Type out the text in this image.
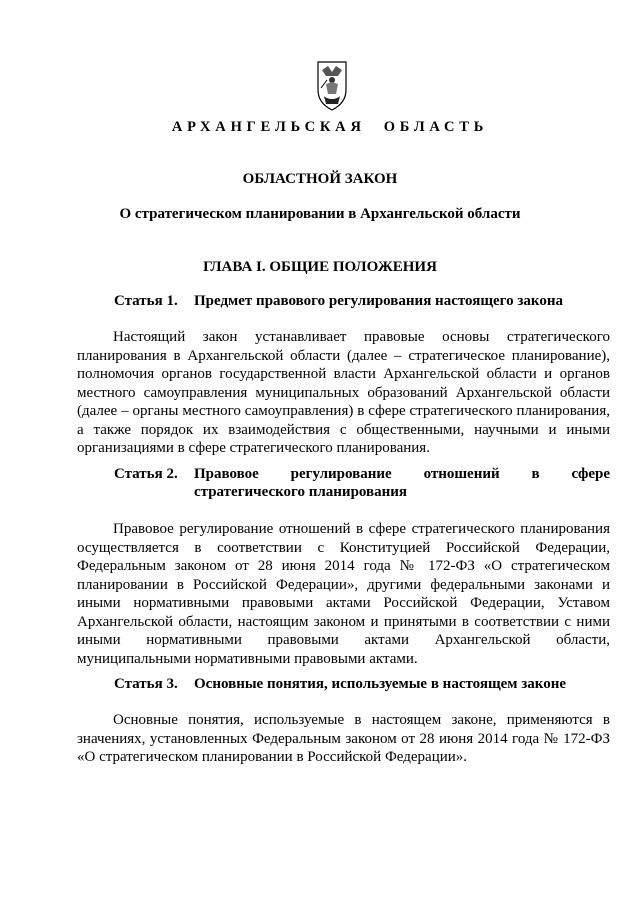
АРХАНГЕЛЬСКАЯ ОБЛАСТЬ
ОБЛАСТНОЙ ЗАКОН
О стратегическом планировании в Архангельской области
ГЛАВА I. ОБЩИЕ ПОЛОЖЕНИЯ
Статья 1.	Предмет правового регулирования настоящего закона

Настоящий закон устанавливает правовые основы стратегического планирования в Архангельской области (далее – стратегическое планирование), полномочия органов государственной власти Архангельской области и органов местного самоуправления муниципальных образований Архангельской области (далее – органы местного самоуправления) в сфере стратегического планирования, а также порядок их взаимодействия с общественными, научными и иными организациями в сфере стратегического планирования.

Статья 2.	Правовое регулирование отношений в сфере стратегического планирования

Правовое регулирование отношений в сфере стратегического планирования осуществляется в соответствии с Конституцией Российской Федерации, Федеральным законом от 28 июня 2014 года № 172-ФЗ «О стратегическом планировании в Российской Федерации», другими федеральными законами и иными нормативными правовыми актами Российской Федерации, Уставом Архангельской области, настоящим законом и принятыми в соответствии с ними иными нормативными правовыми актами Архангельской области, муниципальными нормативными правовыми актами.

Статья 3.	Основные понятия, используемые в настоящем законе

Основные понятия, используемые в настоящем законе, применяются в значениях, установленных Федеральным законом от 28 июня 2014 года № 172-ФЗ «О стратегическом планировании в Российской Федерации».
